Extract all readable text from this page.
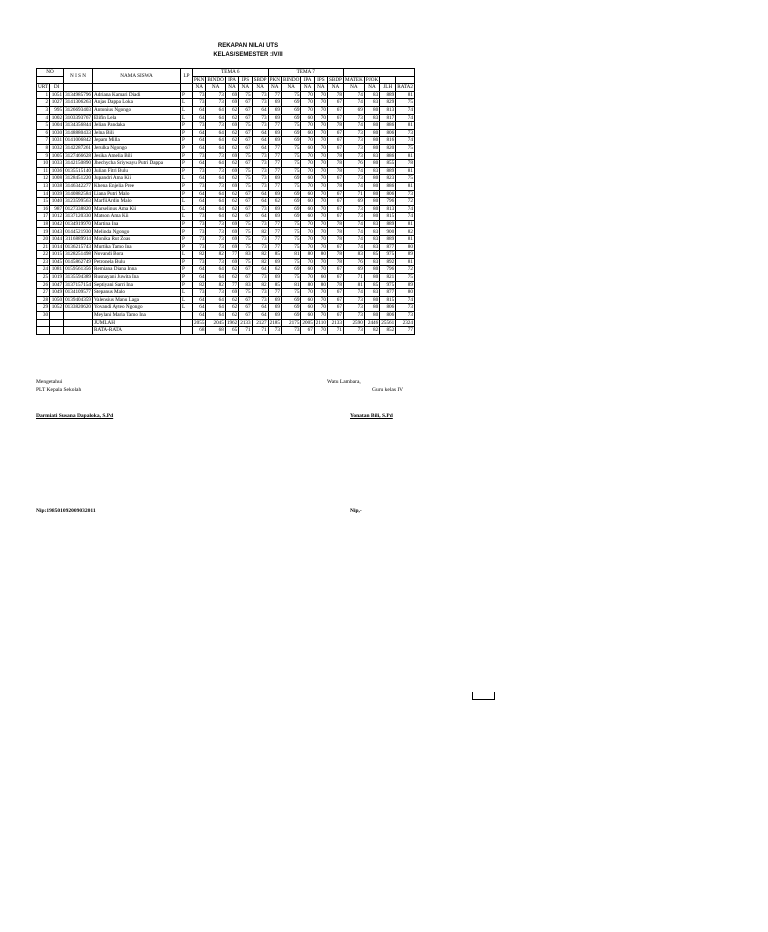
REKAPAN NILAI UTS
KELAS/SEMESTER :IV/II
NO		N I S N	NAMA SISWA	LP	TEMA 6					TEMA 7								
					PKN	BINDO	IPA	IPS	SBDP	PKN	BINDO	IPA	IPS	SBDP	MATEK	PJOK		
URT	DI				NA	NA	NA	NA	NA	NA	NA	NA	NA	NA	NA	NA	JLH	RATA2
1	1051	3134985796	Adriana Kamari Diadi	P	73	73	69	75	73	77	75	70	70	78	74	83	889	81
2	1027	3141306263	Anjas Dappa Loka	L	73	73	69	67	73	69	69	70	70	67	74	83	829	75
3	995	3126693403	Antonius Ngongo	L	64	64	62	67	64	69	69	70	70	67	69	80	813	74
4	1002	3103393767	Elifin Lela	L	64	64	62	67	73	69	69	60	70	67	73	83	817	74
5	1004	3134356844	Jelian Pandaka	P	73	73	69	75	73	77	75	70	70	78	74	80	886	81
6	1030	3148880433	Jelna Bili	P	64	64	62	67	64	69	69	60	70	67	73	80	806	73
7	1031	0141006842	Jepam Milla	P	64	64	62	67	64	69	69	70	70	67	73	80	816	74
8	1032	3142287261	Jerulka Ngongo	P	64	64	62	67	64	77	75	60	70	67	73	80	820	75
9	1005	3127466628	Jesika Amelia Bili	P	73	73	69	75	73	77	75	70	70	78	73	83	886	81
10	1033	3142150890	Jhechycha Sriywayu Putri Dappa	P	64	64	62	67	73	77	75	70	70	78	76	80	855	78
11	1036	0135515140	Julian Fitri Bulu	P	73	73	69	75	73	77	75	70	70	78	74	83	889	81
12	1008	3128451220	Jupandri Ama Kii	L	64	64	62	75	73	69	69	60	70	67	73	80	823	75
13	1038	3146342277	Khena Enjelia Pree	P	73	73	69	75	73	77	75	70	70	78	74	80	886	81
14	1039	3140882584	Liana Putri Malo	P	64	64	62	67	64	69	69	60	70	67	71	80	806	73
15	1040	3123599563	MarfiiArdin Malo	L	64	64	62	67	64	62	69	60	70	67	69	80	796	72
16	987	0127338820	Marselinus Ama Kii	L	64	64	62	67	73	69	69	60	70	67	73	80	813	74
17	1012	3137120330	Matson Ama Kii	L	73	64	62	67	64	69	69	60	70	67	73	80	815	74
18	1042	0134919970	Martina Ina	P	73	73	69	75	73	77	75	70	70	78	74	83	889	81
19	1043	0144521930	Melinda Ngongo	P	73	73	69	75	82	77	75	70	70	78	74	83	900	82
20	1044	3116889914	Monika Rut Zoas	P	73	73	69	75	73	77	75	70	70	78	74	83	889	81
21	1014	0136215743	Murtika Tamo Ina	P	73	73	69	75	73	77	75	70	70	67	74	83	877	80
22	1015	3128251498	Novandi Bora	L	82	82	77	83	82	85	81	80	80	78	83	85	975	89
23	1045	0145862749	Petronela Bulu	P	73	73	69	75	82	69	75	70	70	78	76	83	892	81
24	1081	0159561356	Remiana Diana Inna	P	64	64	62	67	64	62	69	60	70	67	69	80	796	72
25	1019	3135594389	Rusnayani Juwita Ina	P	64	64	62	67	73	69	75	70	60	67	71	80	821	75
26	1047	3137157154	Septiyani Sarri Ina	P	82	82	77	83	82	85	81	80	80	78	81	85	975	89
27	1049	0134109577	Stepanus Malo	L	73	73	69	75	73	77	75	70	70	67	74	83	877	80
28	1050	0139404359	Valensius Manu Laga	L	64	64	62	67	73	69	69	60	70	67	73	80	815	74
29	1052	0133820620	Yovandi Ayteo Ngongo	L	64	64	62	67	64	69	69	60	70	67	73	80	806	73
30			Meylani Maria Tamo Ina		64	64	62	67	64	69	69	60	70	67	73	80	806	73
			JUMLAH		2055	2045	1962	2133	2127	2185	2175	2005	2110	2133	2590	2446	25561	2324
			RATA-RATA		68	68	65	71	71	73	73	67	70	71	73	82	852	77
Mengetahui
PLT Kepala Sekolah
Darmiati Susana Dapaloka, S.Pd
Nip:198501092009032011
Watu Lambara,
Guru kelas IV
Yonatan Bili, S.Pd
Nip,-
